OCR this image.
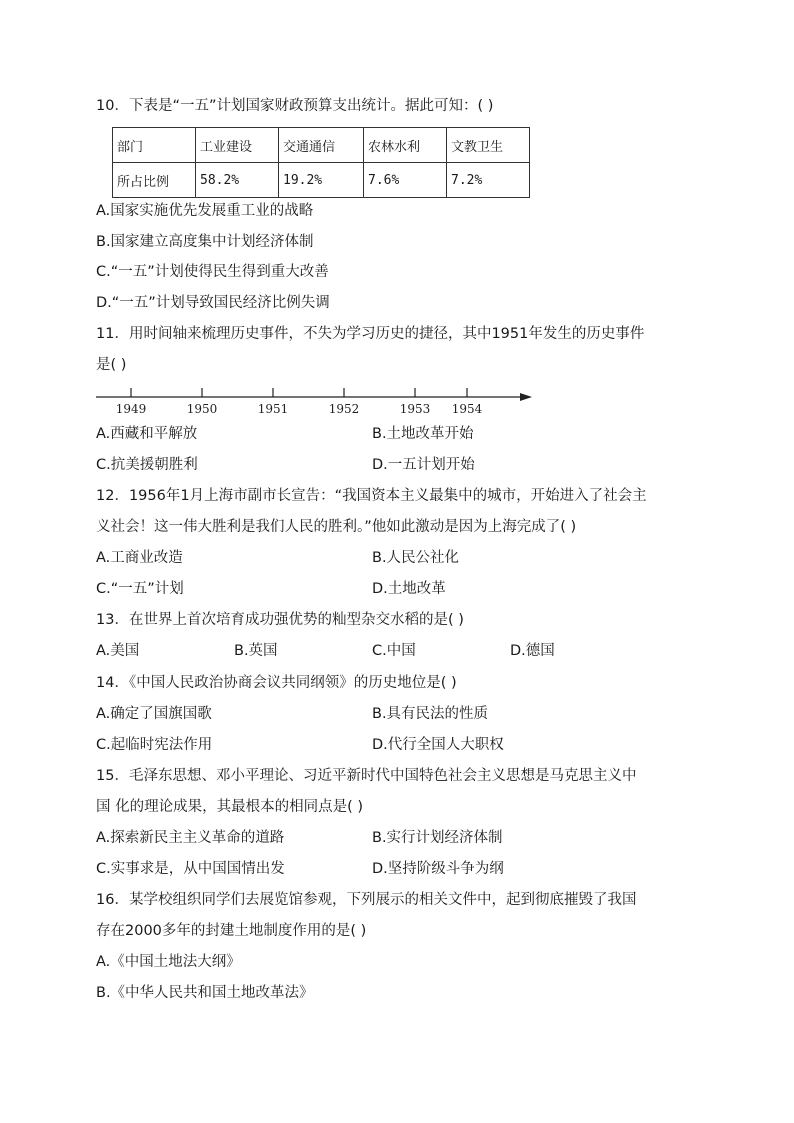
10．下表是“一五”计划国家财政预算支出统计。据此可知：( )
部门	工业建设	交通通信	农林水利	文教卫生
所占比例	58.2%	19.2%	7.6%	7.2%
A.国家实施优先发展重工业的战略
B.国家建立高度集中计划经济体制
C.“一五”计划使得民生得到重大改善
D.“一五”计划导致国民经济比例失调
11．用时间轴来梳理历史事件，不失为学习历史的捷径，其中1951年发生的历史事件
是( )
1949	1950	1951	1952	1953 1954
A.西藏和平解放	B.土地改革开始
C.抗美援朝胜利	D.一五计划开始
12．1956年1月上海市副市长宣告：“我国资本主义最集中的城市，开始进入了社会主
义社会！这一伟大胜利是我们人民的胜利。”他如此激动是因为上海完成了( )
A.工商业改造	B.人民公社化
C.“一五”计划	D.土地改革
13．在世界上首次培育成功强优势的籼型杂交水稻的是( )
A.美国	B.英国	C.中国	D.德国
14．《中国人民政治协商会议共同纲领》的历史地位是( )
A.确定了国旗国歌	B.具有民法的性质
C.起临时宪法作用	D.代行全国人大职权
15．毛泽东思想、邓小平理论、习近平新时代中国特色社会主义思想是马克思主义中
国 化的理论成果，其最根本的相同点是( )
A.探索新民主主义革命的道路	B.实行计划经济体制
C.实事求是，从中国国情出发	D.坚持阶级斗争为纲
16．某学校组织同学们去展览馆参观，下列展示的相关文件中，起到彻底摧毁了我国
存在2000多年的封建土地制度作用的是( )
A.《中国土地法大纲》
B.《中华人民共和国土地改革法》
